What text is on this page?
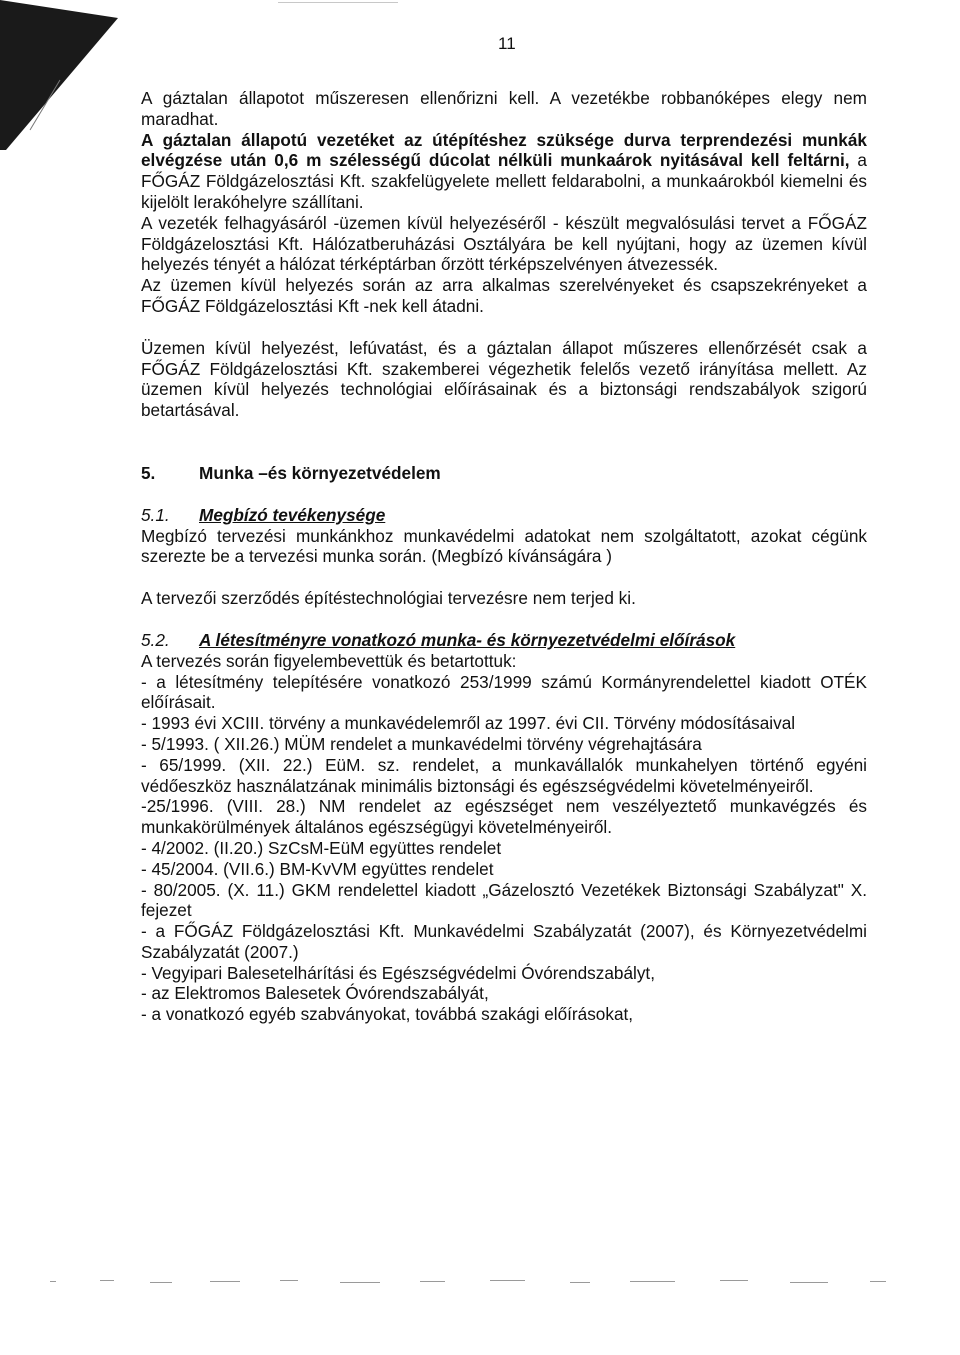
11

A gáztalan állapotot műszeresen ellenőrizni kell. A vezetékbe robbanóképes elegy nem maradhat.

A gáztalan állapotú vezetéket az útépítéshez szüksége durva terprendezési munkák elvégzése után 0,6 m szélességű dúcolat nélküli munkaárok nyitásával kell feltárni, a FŐGÁZ Földgázelosztási Kft. szakfelügyelete mellett feldarabolni, a munkaárokból kiemelni és kijelölt lerakóhelyre szállítani.

A vezeték felhagyásáról -üzemen kívül helyezéséről - készült megvalósulási tervet a FŐGÁZ Földgázelosztási Kft. Hálózatberuházási Osztályára be kell nyújtani, hogy az üzemen kívül helyezés tényét a hálózat térképtárban őrzött térképszelvényen átvezessék.

Az üzemen kívül helyezés során az arra alkalmas szerelvényeket és csapszekrényeket a FŐGÁZ Földgázelosztási Kft -nek kell átadni.

Üzemen kívül helyezést, lefúvatást, és a gáztalan állapot műszeres ellenőrzését csak a FŐGÁZ Földgázelosztási Kft. szakemberei végezhetik felelős vezető irányítása mellett. Az üzemen kívül helyezés technológiai előírásainak és a biztonsági rendszabályok szigorú betartásával.

5.	Munka –és környezetvédelem

5.1. Megbízó tevékenysége

Megbízó tervezési munkánkhoz munkavédelmi adatokat nem szolgáltatott, azokat cégünk szerezte be a tervezési munka során. (Megbízó kívánságára )

A tervezői szerződés építéstechnológiai tervezésre nem terjed ki.

5.2. A létesítményre vonatkozó munka- és környezetvédelmi előírások

A tervezés során figyelembevettük és betartottuk:

- a létesítmény telepítésére vonatkozó 253/1999 számú Kormányrendelettel kiadott OTÉK előírásait.

- 1993 évi XCIII. törvény a munkavédelemről az 1997. évi CII. Törvény módosításaival

- 5/1993. ( XII.26.) MÜM rendelet a munkavédelmi törvény végrehajtására

- 65/1999. (XII. 22.) EüM. sz. rendelet, a munkavállalók munkahelyen történő egyéni védőeszköz használatzának minimális biztonsági és egészségvédelmi követelményeiről.

-25/1996. (VIII. 28.) NM rendelet az egészséget nem veszélyeztető munkavégzés és munkakörülmények általános egészségügyi követelményeiről.

- 4/2002. (II.20.) SzCsM-EüM együttes rendelet

- 45/2004. (VII.6.) BM-KvVM együttes rendelet

- 80/2005. (X. 11.) GKM rendelettel kiadott „Gázelosztó Vezetékek Biztonsági Szabályzat" X. fejezet

- a FŐGÁZ Földgázelosztási Kft. Munkavédelmi Szabályzatát (2007), és Környezetvédelmi Szabályzatát (2007.)

- Vegyipari Balesetelhárítási és Egészségvédelmi Óvórendszabályt,

- az Elektromos Balesetek Óvórendszabályát,

- a vonatkozó egyéb szabványokat, továbbá szakági előírásokat,
